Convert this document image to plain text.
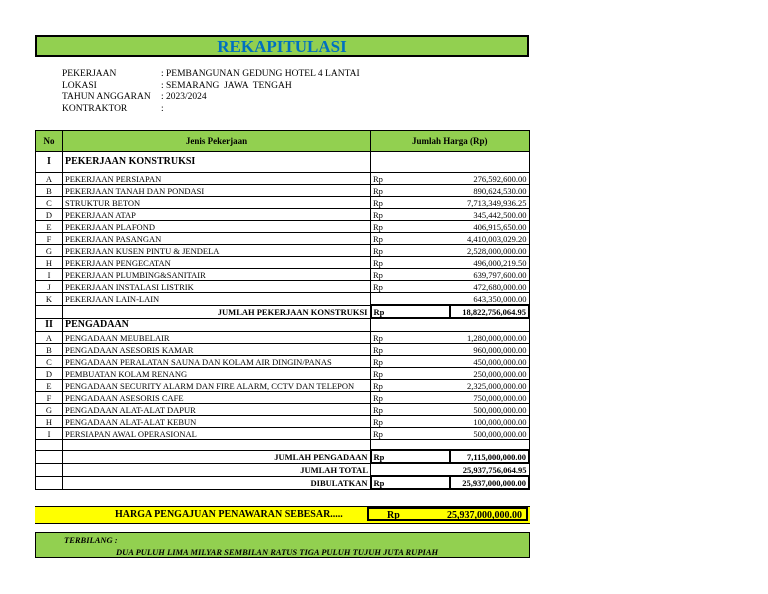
REKAPITULASI
PEKERJAAN	: PEMBANGUNAN GEDUNG HOTEL 4 LANTAI
LOKASI	: SEMARANG  JAWA  TENGAH
TAHUN ANGGARAN	: 2023/2024
KONTRAKTOR	:
No	Jenis Pekerjaan	Jumlah Harga (Rp)	
I	PEKERJAAN KONSTRUKSI		
A	PEKERJAAN PERSIAPAN	Rp	276,592,600.00
B	PEKERJAAN TANAH DAN PONDASI	Rp	890,624,530.00
C	STRUKTUR BETON	Rp	7,713,349,936.25
D	PEKERJAAN ATAP	Rp	345,442,500.00
E	PEKERJAAN PLAFOND	Rp	406,915,650.00
F	PEKERJAAN PASANGAN	Rp	4,410,003,029.20
G	PEKERJAAN KUSEN PINTU & JENDELA	Rp	2,528,000,000.00
H	PEKERJAAN PENGECATAN	Rp	496,000,219.50
I	PEKERJAAN PLUMBING&SANITAIR	Rp	639,797,600.00
J	PEKERJAAN INSTALASI LISTRIK	Rp	472,680,000.00
K	PEKERJAAN LAIN-LAIN		643,350,000.00
	JUMLAH PEKERJAAN KONSTRUKSI	Rp	18,822,756,064.95
II	PENGADAAN		
A	PENGADAAN MEUBELAIR	Rp	1,280,000,000.00
B	PENGADAAN ASESORIS KAMAR	Rp	960,000,000.00
C	PENGADAAN PERALATAN SAUNA DAN KOLAM AIR DINGIN/PANAS	Rp	450,000,000.00
D	PEMBUATAN KOLAM RENANG	Rp	250,000,000.00
E	PENGADAAN SECURITY ALARM DAN FIRE ALARM, CCTV DAN TELEPON	Rp	2,325,000,000.00
F	PENGADAAN ASESORIS CAFE	Rp	750,000,000.00
G	PENGADAAN ALAT-ALAT DAPUR	Rp	500,000,000.00
H	PENGADAAN ALAT-ALAT KEBUN	Rp	100,000,000.00
I	PERSIAPAN AWAL OPERASIONAL	Rp	500,000,000.00

	JUMLAH PENGADAAN	Rp	7,115,000,000.00
	JUMLAH TOTAL		25,937,756,064.95
	DIBULATKAN	Rp	25,937,000,000.00
HARGA PENGAJUAN PENAWARAN SEBESAR.....	Rp	25,937,000,000.00
TERBILANG :
DUA PULUH LIMA MILYAR SEMBILAN RATUS TIGA PULUH TUJUH JUTA RUPIAH
